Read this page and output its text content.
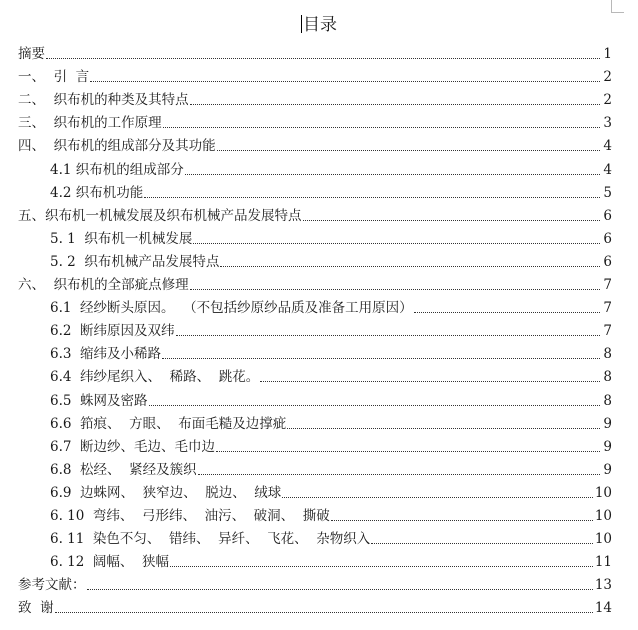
目录
摘要	1
一、  引  言	2
二、  织布机的种类及其特点	2
三、  织布机的工作原理	3
四、  织布机的组成部分及其功能	4
4.1 织布机的组成部分	4
4.2 织布机功能	5
五、织布机一机械发展及织布机械产品发展特点	6
5. 1  织布机一机械发展	6
5. 2  织布机械产品发展特点	6
六、  织布机的全部疵点修理	7
6.1  经纱断头原因。  （不包括纱原纱品质及准备工用原因）	7
6.2  断纬原因及双纬	7
6.3  缩纬及小稀路	8
6.4  纬纱尾织入、  稀路、  跳花。	8
6.5  蛛网及密路	8
6.6  筘痕、  方眼、  布面毛糙及边撑疵	9
6.7  断边纱、毛边、毛巾边	9
6.8  松经、  紧经及簇织	9
6.9  边蛛网、  狭窄边、  脱边、  绒球	10
6. 10  弯纬、  弓形纬、  油污、  破洞、  撕破	10
6. 11  染色不匀、  错纬、  异纤、  飞花、  杂物织入	10
6. 12  阔幅、  狭幅	11
参考文献：	13
致  谢	14
